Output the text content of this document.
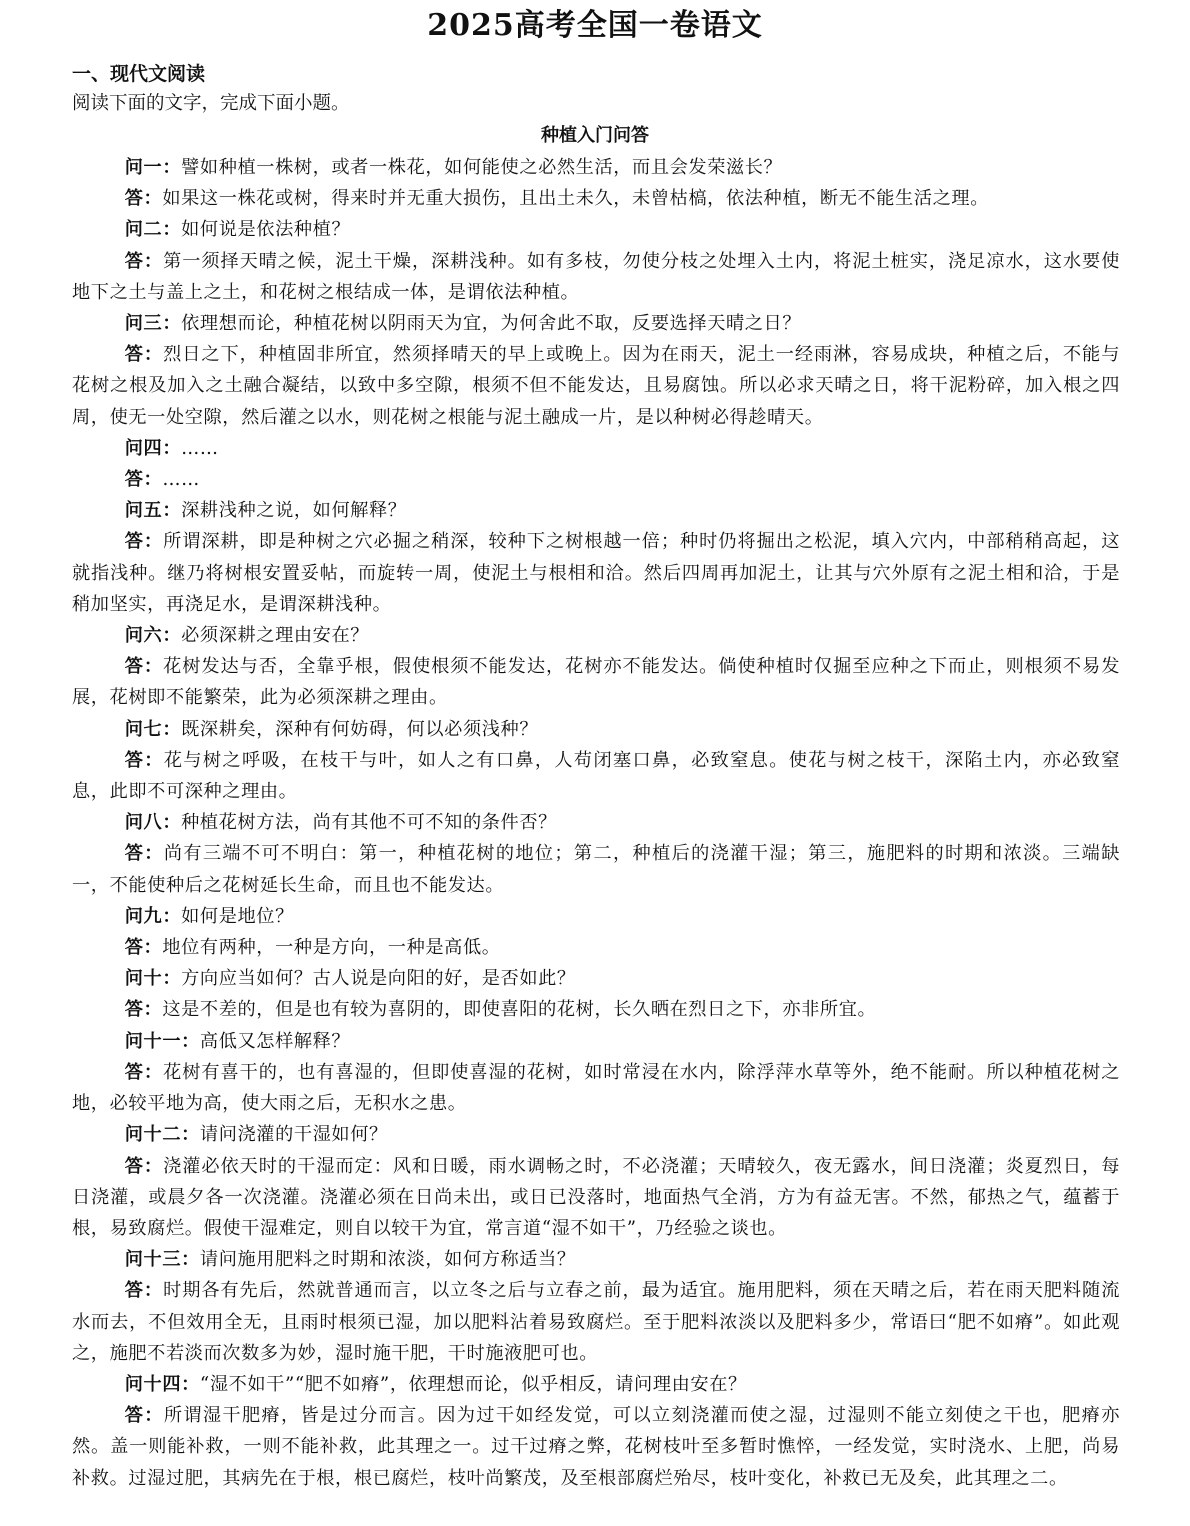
2025高考全国一卷语文
一、现代文阅读
阅读下面的文字，完成下面小题。
种植入门问答

问一：譬如种植一株树，或者一株花，如何能使之必然生活，而且会发荣滋长？

答：如果这一株花或树，得来时并无重大损伤，且出土未久，未曾枯槁，依法种植，断无不能生活之理。

问二：如何说是依法种植？

答：第一须择天晴之候，泥土干燥，深耕浅种。如有多枝，勿使分枝之处埋入土内，将泥土桩实，浇足凉水，这水要使地下之土与盖上之土，和花树之根结成一体，是谓依法种植。

问三：依理想而论，种植花树以阴雨天为宜，为何舍此不取，反要选择天晴之日？

答：烈日之下，种植固非所宜，然须择晴天的早上或晚上。因为在雨天，泥土一经雨淋，容易成块，种植之后，不能与花树之根及加入之土融合凝结，以致中多空隙，根须不但不能发达，且易腐蚀。所以必求天晴之日，将干泥粉碎，加入根之四周，使无一处空隙，然后灌之以水，则花树之根能与泥土融成一片，是以种树必得趁晴天。

问四：……

答：……

问五：深耕浅种之说，如何解释？

答：所谓深耕，即是种树之穴必掘之稍深，较种下之树根越一倍；种时仍将掘出之松泥，填入穴内，中部稍稍高起，这就指浅种。继乃将树根安置妥帖，而旋转一周，使泥土与根相和洽。然后四周再加泥土，让其与穴外原有之泥土相和洽，于是稍加坚实，再浇足水，是谓深耕浅种。

问六：必须深耕之理由安在？

答：花树发达与否，全靠乎根，假使根须不能发达，花树亦不能发达。倘使种植时仅掘至应种之下而止，则根须不易发展，花树即不能繁荣，此为必须深耕之理由。

问七：既深耕矣，深种有何妨碍，何以必须浅种？

答：花与树之呼吸，在枝干与叶，如人之有口鼻，人苟闭塞口鼻，必致窒息。使花与树之枝干，深陷土内，亦必致窒息，此即不可深种之理由。

问八：种植花树方法，尚有其他不可不知的条件否？

答：尚有三端不可不明白：第一，种植花树的地位；第二，种植后的浇灌干湿；第三，施肥料的时期和浓淡。三端缺一，不能使种后之花树延长生命，而且也不能发达。

问九：如何是地位？

答：地位有两种，一种是方向，一种是高低。

问十：方向应当如何？古人说是向阳的好，是否如此？

答：这是不差的，但是也有较为喜阴的，即使喜阳的花树，长久晒在烈日之下，亦非所宜。

问十一：高低又怎样解释？

答：花树有喜干的，也有喜湿的，但即使喜湿的花树，如时常浸在水内，除浮萍水草等外，绝不能耐。所以种植花树之地，必较平地为高，使大雨之后，无积水之患。

问十二：请问浇灌的干湿如何？

答：浇灌必依天时的干湿而定：风和日暖，雨水调畅之时，不必浇灌；天晴较久，夜无露水，间日浇灌；炎夏烈日，每日浇灌，或晨夕各一次浇灌。浇灌必须在日尚未出，或日已没落时，地面热气全消，方为有益无害。不然，郁热之气，蕴蓄于根，易致腐烂。假使干湿难定，则自以较干为宜，常言道“湿不如干”，乃经验之谈也。

问十三：请问施用肥料之时期和浓淡，如何方称适当？

答：时期各有先后，然就普通而言，以立冬之后与立春之前，最为适宜。施用肥料，须在天晴之后，若在雨天肥料随流水而去，不但效用全无，且雨时根须已湿，加以肥料沾着易致腐烂。至于肥料浓淡以及肥料多少，常语曰“肥不如瘠”。如此观之，施肥不若淡而次数多为妙，湿时施干肥，干时施液肥可也。

问十四：“湿不如干”“肥不如瘠”，依理想而论，似乎相反，请问理由安在？

答：所谓湿干肥瘠，皆是过分而言。因为过干如经发觉，可以立刻浇灌而使之湿，过湿则不能立刻使之干也，肥瘠亦然。盖一则能补救，一则不能补救，此其理之一。过干过瘠之弊，花树枝叶至多暂时憔悴，一经发觉，实时浇水、上肥，尚易补救。过湿过肥，其病先在于根，根已腐烂，枝叶尚繁茂，及至根部腐烂殆尽，枝叶变化，补救已无及矣，此其理之二。
